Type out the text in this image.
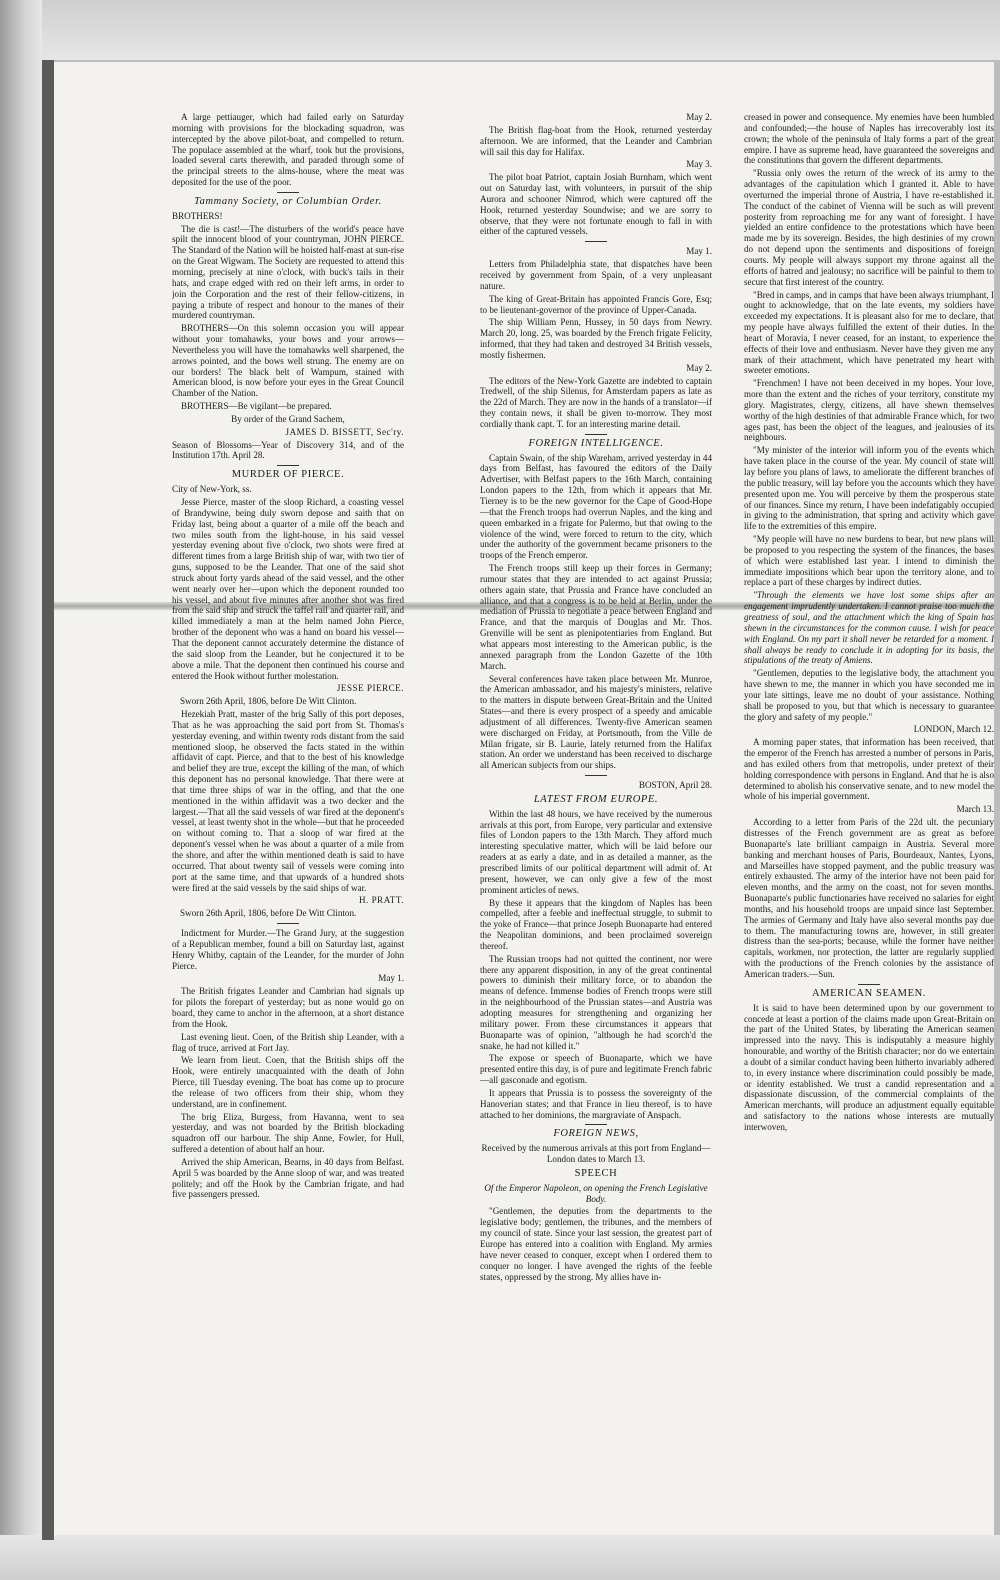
A large pettiauger, which had failed early on Saturday morning with provisions for the blockading squadron, was intercepted by the above pilot-boat, and compelled to return. The populace assembled at the wharf, took but the provisions, loaded several carts therewith, and paraded through some of the principal streets to the alms-house, where the meat was deposited for the use of the poor.

Tammany Society, or Columbian Order.

BROTHERS!

The die is cast!—The disturbers of the world's peace have spilt the innocent blood of your countryman, JOHN PIERCE. The Standard of the Nation will be hoisted half-mast at sun-rise on the Great Wigwam. The Society are requested to attend this morning, precisely at nine o'clock, with buck's tails in their hats, and crape edged with red on their left arms, in order to join the Corporation and the rest of their fellow-citizens, in paying a tribute of respect and honour to the manes of their murdered countryman.

BROTHERS—On this solemn occasion you will appear without your tomahawks, your bows and your arrows—Nevertheless you will have the tomahawks well sharpened, the arrows pointed, and the bows well strung. The enemy are on our borders! The black belt of Wampum, stained with American blood, is now before your eyes in the Great Council Chamber of the Nation.

BROTHERS—Be vigilant—be prepared.

By order of the Grand Sachem,

JAMES D. BISSETT, Sec'ry.

Season of Blossoms—Year of Discovery 314, and of the Institution 17th. April 28.

MURDER OF PIERCE.

City of New-York, ss.

Jesse Pierce, master of the sloop Richard, a coasting vessel of Brandywine, being duly sworn depose and saith that on Friday last, being about a quarter of a mile off the beach and two miles south from the light-house, in his said vessel yesterday evening about five o'clock, two shots were fired at different times from a large British ship of war, with two tier of guns, supposed to be the Leander. That one of the said shot struck about forty yards ahead of the said vessel, and the other went nearly over her—upon which the deponent rounded too his vessel, and about five minutes after another shot was fired from the said ship and struck the taffel rail and quarter rail, and killed immediately a man at the helm named John Pierce, brother of the deponent who was a hand on board his vessel—That the deponent cannot accurately determine the distance of the said sloop from the Leander, but he conjectured it to be above a mile. That the deponent then continued his course and entered the Hook without further molestation.

JESSE PIERCE.

Sworn 26th April, 1806, before De Witt Clinton.

Hezekiah Pratt, master of the brig Sally of this port deposes, That as he was approaching the said port from St. Thomas's yesterday evening, and within twenty rods distant from the said mentioned sloop, he observed the facts stated in the within affidavit of capt. Pierce, and that to the best of his knowledge and belief they are true, except the killing of the man, of which this deponent has no personal knowledge. That there were at that time three ships of war in the offing, and that the one mentioned in the within affidavit was a two decker and the largest.—That all the said vessels of war fired at the deponent's vessel, at least twenty shot in the whole—but that he proceeded on without coming to. That a sloop of war fired at the deponent's vessel when he was about a quarter of a mile from the shore, and after the within mentioned death is said to have occurred. That about twenty sail of vessels were coming into port at the same time, and that upwards of a hundred shots were fired at the said vessels by the said ships of war.

H. PRATT.

Sworn 26th April, 1806, before De Witt Clinton.

Indictment for Murder.—The Grand Jury, at the suggestion of a Republican member, found a bill on Saturday last, against Henry Whitby, captain of the Leander, for the murder of John Pierce.

May 1.

The British frigates Leander and Cambrian had signals up for pilots the forepart of yesterday; but as none would go on board, they came to anchor in the afternoon, at a short distance from the Hook.

Last evening lieut. Coen, of the British ship Leander, with a flag of truce, arrived at Fort Jay.

We learn from lieut. Coen, that the British ships off the Hook, were entirely unacquainted with the death of John Pierce, till Tuesday evening. The boat has come up to procure the release of two officers from their ship, whom they understand, are in confinement.

The brig Eliza, Burgess, from Havanna, went to sea yesterday, and was not boarded by the British blockading squadron off our harbour. The ship Anne, Fowler, for Hull, suffered a detention of about half an hour.

Arrived the ship American, Bearns, in 40 days from Belfast. April 5 was boarded by the Anne sloop of war, and was treated politely; and off the Hook by the Cambrian frigate, and had five passengers pressed.

May 2.

The British flag-boat from the Hook, returned yesterday afternoon. We are informed, that the Leander and Cambrian will sail this day for Halifax.

May 3.

The pilot boat Patriot, captain Josiah Burnham, which went out on Saturday last, with volunteers, in pursuit of the ship Aurora and schooner Nimrod, which were captured off the Hook, returned yesterday Soundwise; and we are sorry to observe, that they were not fortunate enough to fall in with either of the captured vessels.

May 1.

Letters from Philadelphia state, that dispatches have been received by government from Spain, of a very unpleasant nature.

The king of Great-Britain has appointed Francis Gore, Esq; to be lieutenant-governor of the province of Upper-Canada.

The ship William Penn, Hussey, in 50 days from Newry. March 20, long. 25, was boarded by the French frigate Felicity, informed, that they had taken and destroyed 34 British vessels, mostly fishermen.

May 2.

The editors of the New-York Gazette are indebted to captain Tredwell, of the ship Silenus, for Amsterdam papers as late as the 22d of March. They are now in the hands of a translator—if they contain news, it shall be given to-morrow. They most cordially thank capt. T. for an interesting marine detail.

FOREIGN INTELLIGENCE.

Captain Swain, of the ship Wareham, arrived yesterday in 44 days from Belfast, has favoured the editors of the Daily Advertiser, with Belfast papers to the 16th March, containing London papers to the 12th, from which it appears that Mr. Tierney is to be the new governor for the Cape of Good-Hope—that the French troops had overrun Naples, and the king and queen embarked in a frigate for Palermo, but that owing to the violence of the wind, were forced to return to the city, which under the authority of the government became prisoners to the troops of the French emperor.

The French troops still keep up their forces in Germany; rumour states that they are intended to act against Prussia; others again state, that Prussia and France have concluded an alliance, and that a congress is to be held at Berlin, under the mediation of Prussia to negotiate a peace between England and France, and that the marquis of Douglas and Mr. Thos. Grenville will be sent as plenipotentiaries from England. But what appears most interesting to the American public, is the annexed paragraph from the London Gazette of the 10th March.

Several conferences have taken place between Mr. Munroe, the American ambassador, and his majesty's ministers, relative to the matters in dispute between Great-Britain and the United States—and there is every prospect of a speedy and amicable adjustment of all differences. Twenty-five American seamen were discharged on Friday, at Portsmouth, from the Ville de Milan frigate, sir B. Laurie, lately returned from the Halifax station. An order we understand has been received to discharge all American subjects from our ships.

BOSTON, April 28.

LATEST FROM EUROPE.

Within the last 48 hours, we have received by the numerous arrivals at this port, from Europe, very particular and extensive files of London papers to the 13th March. They afford much interesting speculative matter, which will be laid before our readers at as early a date, and in as detailed a manner, as the prescribed limits of our political department will admit of. At present, however, we can only give a few of the most prominent articles of news.

By these it appears that the kingdom of Naples has been compelled, after a feeble and ineffectual struggle, to submit to the yoke of France—that prince Joseph Buonaparte had entered the Neapolitan dominions, and been proclaimed sovereign thereof.

The Russian troops had not quitted the continent, nor were there any apparent disposition, in any of the great continental powers to diminish their military force, or to abandon the means of defence. Immense bodies of French troops were still in the neighbourhood of the Prussian states—and Austria was adopting measures for strengthening and organizing her military power. From these circumstances it appears that Buonaparte was of opinion, "although he had scorch'd the snake, he had not killed it."

The expose or speech of Buonaparte, which we have presented entire this day, is of pure and legitimate French fabric—all gasconade and egotism.

It appears that Prussia is to possess the sovereignty of the Hanoverian states; and that France in lieu thereof, is to have attached to her dominions, the margraviate of Anspach.

FOREIGN NEWS,

Received by the numerous arrivals at this port from England—London dates to March 13.

SPEECH

Of the Emperor Napoleon, on opening the French Legislative Body.

"Gentlemen, the deputies from the departments to the legislative body; gentlemen, the tribunes, and the members of my council of state. Since your last session, the greatest part of Europe has entered into a coalition with England. My armies have never ceased to conquer, except when I ordered them to conquer no longer. I have avenged the rights of the feeble states, oppressed by the strong. My allies have in-

creased in power and consequence. My enemies have been humbled and confounded;—the house of Naples has irrecoverably lost its crown; the whole of the peninsula of Italy forms a part of the great empire. I have as supreme head, have guaranteed the sovereigns and the constitutions that govern the different departments.

"Russia only owes the return of the wreck of its army to the advantages of the capitulation which I granted it. Able to have overturned the imperial throne of Austria, I have re-established it. The conduct of the cabinet of Vienna will be such as will prevent posterity from reproaching me for any want of foresight. I have yielded an entire confidence to the protestations which have been made me by its sovereign. Besides, the high destinies of my crown do not depend upon the sentiments and dispositions of foreign courts. My people will always support my throne against all the efforts of hatred and jealousy; no sacrifice will be painful to them to secure that first interest of the country.

"Bred in camps, and in camps that have been always triumphant, I ought to acknowledge, that on the late events, my soldiers have exceeded my expectations. It is pleasant also for me to declare, that my people have always fulfilled the extent of their duties. In the heart of Moravia, I never ceased, for an instant, to experience the effects of their love and enthusiasm. Never have they given me any mark of their attachment, which have penetrated my heart with sweeter emotions.

"Frenchmen! I have not been deceived in my hopes. Your love, more than the extent and the riches of your territory, constitute my glory. Magistrates, clergy, citizens, all have shewn themselves worthy of the high destinies of that admirable France which, for two ages past, has been the object of the leagues, and jealousies of its neighbours.

"My minister of the interior will inform you of the events which have taken place in the course of the year. My council of state will lay before you plans of laws, to ameliorate the different branches of the public treasury, will lay before you the accounts which they have presented upon me. You will perceive by them the prosperous state of our finances. Since my return, I have been indefatigably occupied in giving to the administration, that spring and activity which gave life to the extremities of this empire.

"My people will have no new burdens to bear, but new plans will be proposed to you respecting the system of the finances, the bases of which were established last year. I intend to diminish the immediate impositions which bear upon the territory alone, and to replace a part of these charges by indirect duties.

"Through the elements we have lost some ships after an engagement imprudently undertaken. I cannot praise too much the greatness of soul, and the attachment which the king of Spain has shewn in the circumstances for the common cause. I wish for peace with England. On my part it shall never be retarded for a moment. I shall always be ready to conclude it in adopting for its basis, the stipulations of the treaty of Amiens.

"Gentlemen, deputies to the legislative body, the attachment you have shewn to me, the manner in which you have seconded me in your late sittings, leave me no doubt of your assistance. Nothing shall be proposed to you, but that which is necessary to guarantee the glory and safety of my people."

LONDON, March 12.

A morning paper states, that information has been received, that the emperor of the French has arrested a number of persons in Paris, and has exiled others from that metropolis, under pretext of their holding correspondence with persons in England. And that he is also determined to abolish his conservative senate, and to new model the whole of his imperial government.

March 13.

According to a letter from Paris of the 22d ult. the pecuniary distresses of the French government are as great as before Buonaparte's late brilliant campaign in Austria. Several more banking and merchant houses of Paris, Bourdeaux, Nantes, Lyons, and Marseilles have stopped payment, and the public treasury was entirely exhausted. The army of the interior have not been paid for eleven months, and the army on the coast, not for seven months. Buonaparte's public functionaries have received no salaries for eight months, and his household troops are unpaid since last September. The armies of Germany and Italy have also several months pay due to them. The manufacturing towns are, however, in still greater distress than the sea-ports; because, while the former have neither capitals, workmen, nor protection, the latter are regularly supplied with the productions of the French colonies by the assistance of American traders.—Sun.

AMERICAN SEAMEN.

It is said to have been determined upon by our government to concede at least a portion of the claims made upon Great-Britain on the part of the United States, by liberating the American seamen impressed into the navy. This is indisputably a measure highly honourable, and worthy of the British character; nor do we entertain a doubt of a similar conduct having been hitherto invariably adhered to, in every instance where discrimination could possibly be made, or identity established. We trust a candid representation and a dispassionate discussion, of the commercial complaints of the American merchants, will produce an adjustment equally equitable and satisfactory to the nations whose interests are mutually interwoven,
